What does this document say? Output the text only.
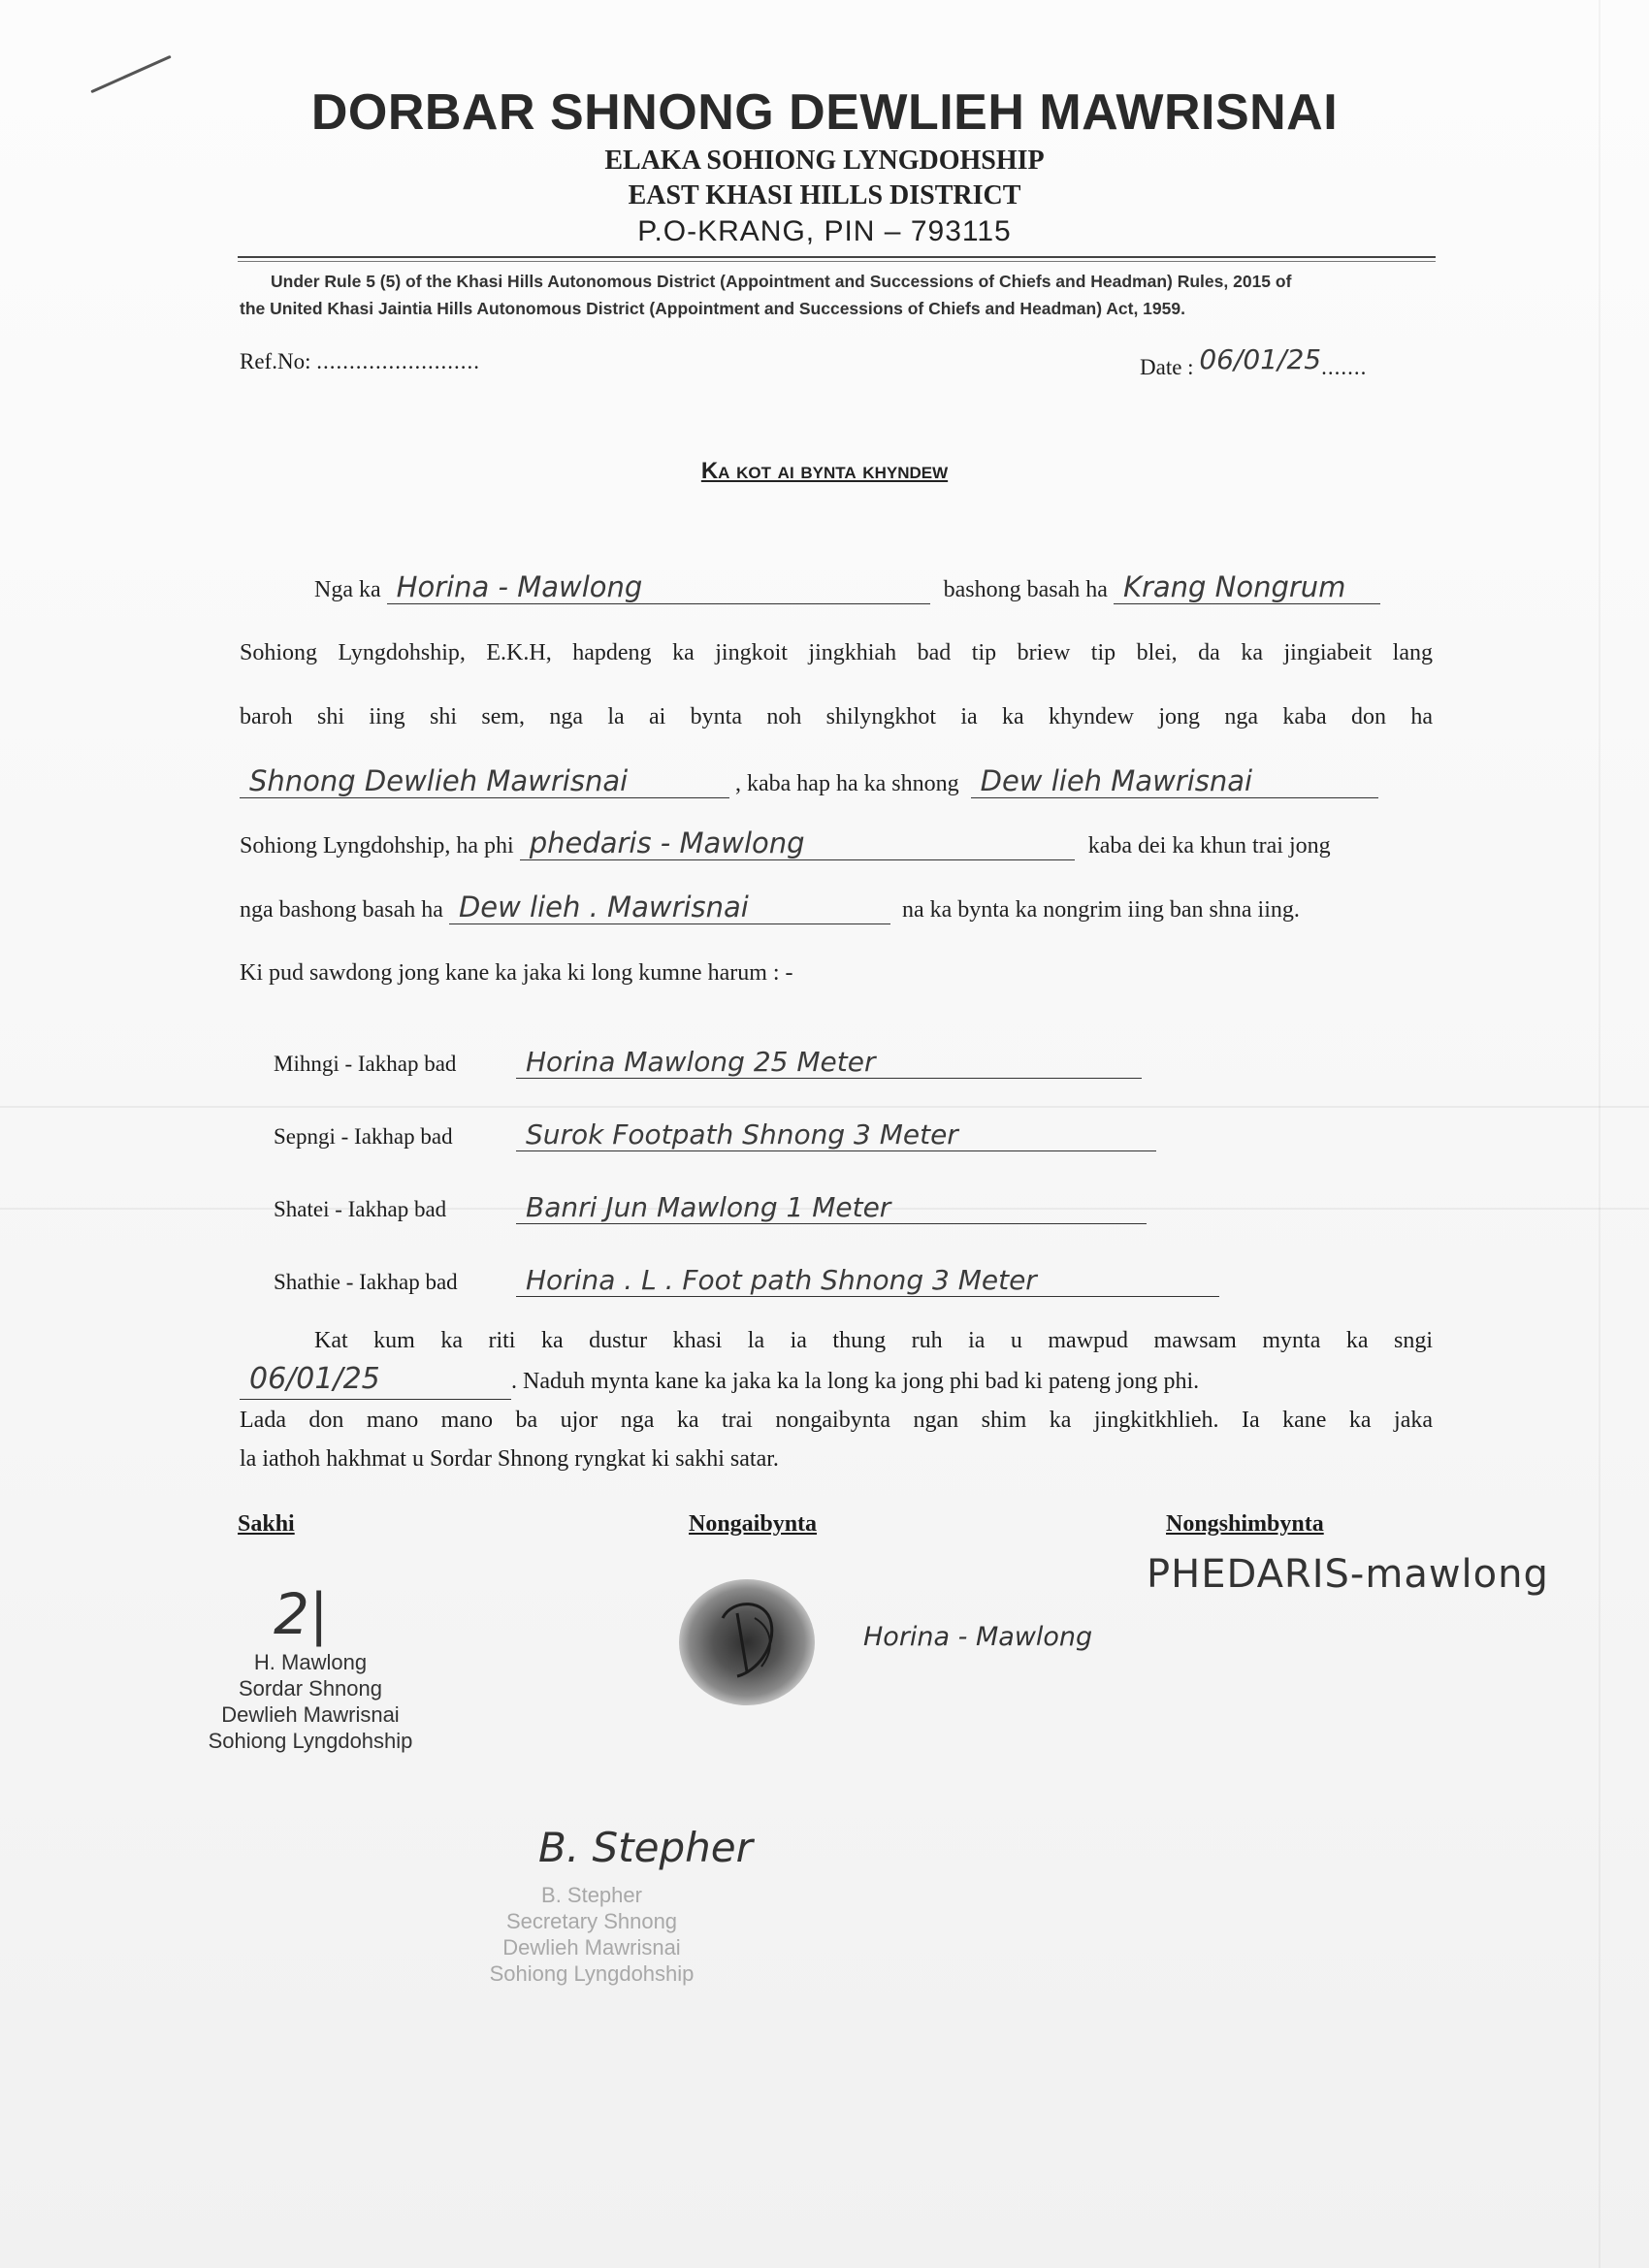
DORBAR SHNONG DEWLIEH MAWRISNAI
ELAKA SOHIONG LYNGDOHSHIP
EAST KHASI HILLS DISTRICT
P.O-KRANG, PIN – 793115
Under Rule 5 (5) of the Khasi Hills Autonomous District (Appointment and Successions of Chiefs and Headman) Rules, 2015 of
the United Khasi Jaintia Hills Autonomous District (Appointment and Successions of Chiefs and Headman) Act, 1959.
Ref.No: .........................	Date : 06/01/25.......
Ka kot ai bynta khyndew
Nga ka Horina - Mawlong	bashong basah ha Krang Nongrum
Sohiong Lyngdohship, E.K.H, hapdeng ka jingkoit jingkhiah bad tip briew tip blei, da ka jingiabeit lang
baroh shi iing shi sem, nga la ai bynta noh shilyngkhot ia ka khyndew jong nga kaba don ha
Shnong Dewlieh Mawrisnai	, kaba hap ha ka shnong Dew lieh Mawrisnai
Sohiong Lyngdohship, ha phi phedaris - Mawlong	kaba dei ka khun trai jong
nga bashong basah ha Dew lieh . Mawrisnai	na ka bynta ka nongrim iing ban shna iing.
Ki pud sawdong jong kane ka jaka ki long kumne harum : -
Mihngi - Iakhap bad	Horina Mawlong 25 Meter
Sepngi - Iakhap bad	Surok Footpath Shnong 3 Meter
Shatei - Iakhap bad	Banri Jun Mawlong 1 Meter
Shathie - Iakhap bad	Horina . L . Foot path Shnong 3 Meter
Kat kum ka riti ka dustur khasi la ia thung ruh ia u mawpud mawsam mynta ka sngi
06/01/25	. Naduh mynta kane ka jaka ka la long ka jong phi bad ki pateng jong phi.
Lada don mano mano ba ujor nga ka trai nongaibynta ngan shim ka jingkitkhlieh. Ia kane ka jaka
la iathoh hakhmat u Sordar Shnong ryngkat ki sakhi satar.
Sakhi	Nongaibynta	Nongshimbynta
PHEDARIS-mawlong
Horina - Mawlong
2|
H. Mawlong
Sordar Shnong
Dewlieh Mawrisnai
Sohiong Lyngdohship
B. Stepher
B. Stepher
Secretary Shnong
Dewlieh Mawrisnai
Sohiong Lyngdohship
